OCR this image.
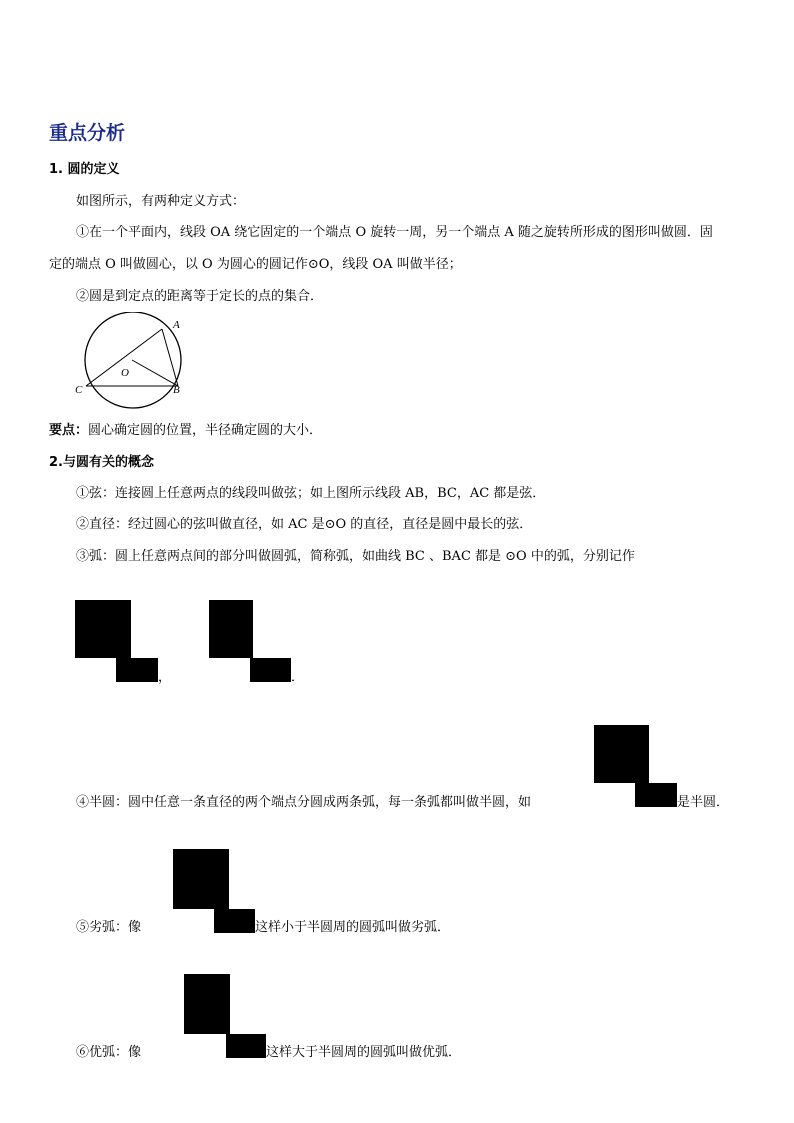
重点分析
1. 圆的定义
如图所示，有两种定义方式：
①在一个平面内，线段 OA 绕它固定的一个端点 O 旋转一周，另一个端点 A 随之旋转所形成的图形叫做圆．固
定的端点 O 叫做圆心，以 O 为圆心的圆记作⊙O，线段 OA 叫做半径；
②圆是到定点的距离等于定长的点的集合．
A
O
C	B
要点：圆心确定圆的位置，半径确定圆的大小．
2.与圆有关的概念
①弦：连接圆上任意两点的线段叫做弦；如上图所示线段 AB，BC，AC 都是弦．
②直径：经过圆心的弦叫做直径，如 AC 是⊙O 的直径，直径是圆中最长的弦．
③弧：圆上任意两点间的部分叫做圆弧，简称弧，如曲线 BC 、BAC 都是 ⊙O 中的弧，分别记作
，	．
④半圆：圆中任意一条直径的两个端点分圆成两条弧，每一条弧都叫做半圆，如	是半圆．
⑤劣弧：像	这样小于半圆周的圆弧叫做劣弧．
⑥优弧：像	这样大于半圆周的圆弧叫做优弧．
